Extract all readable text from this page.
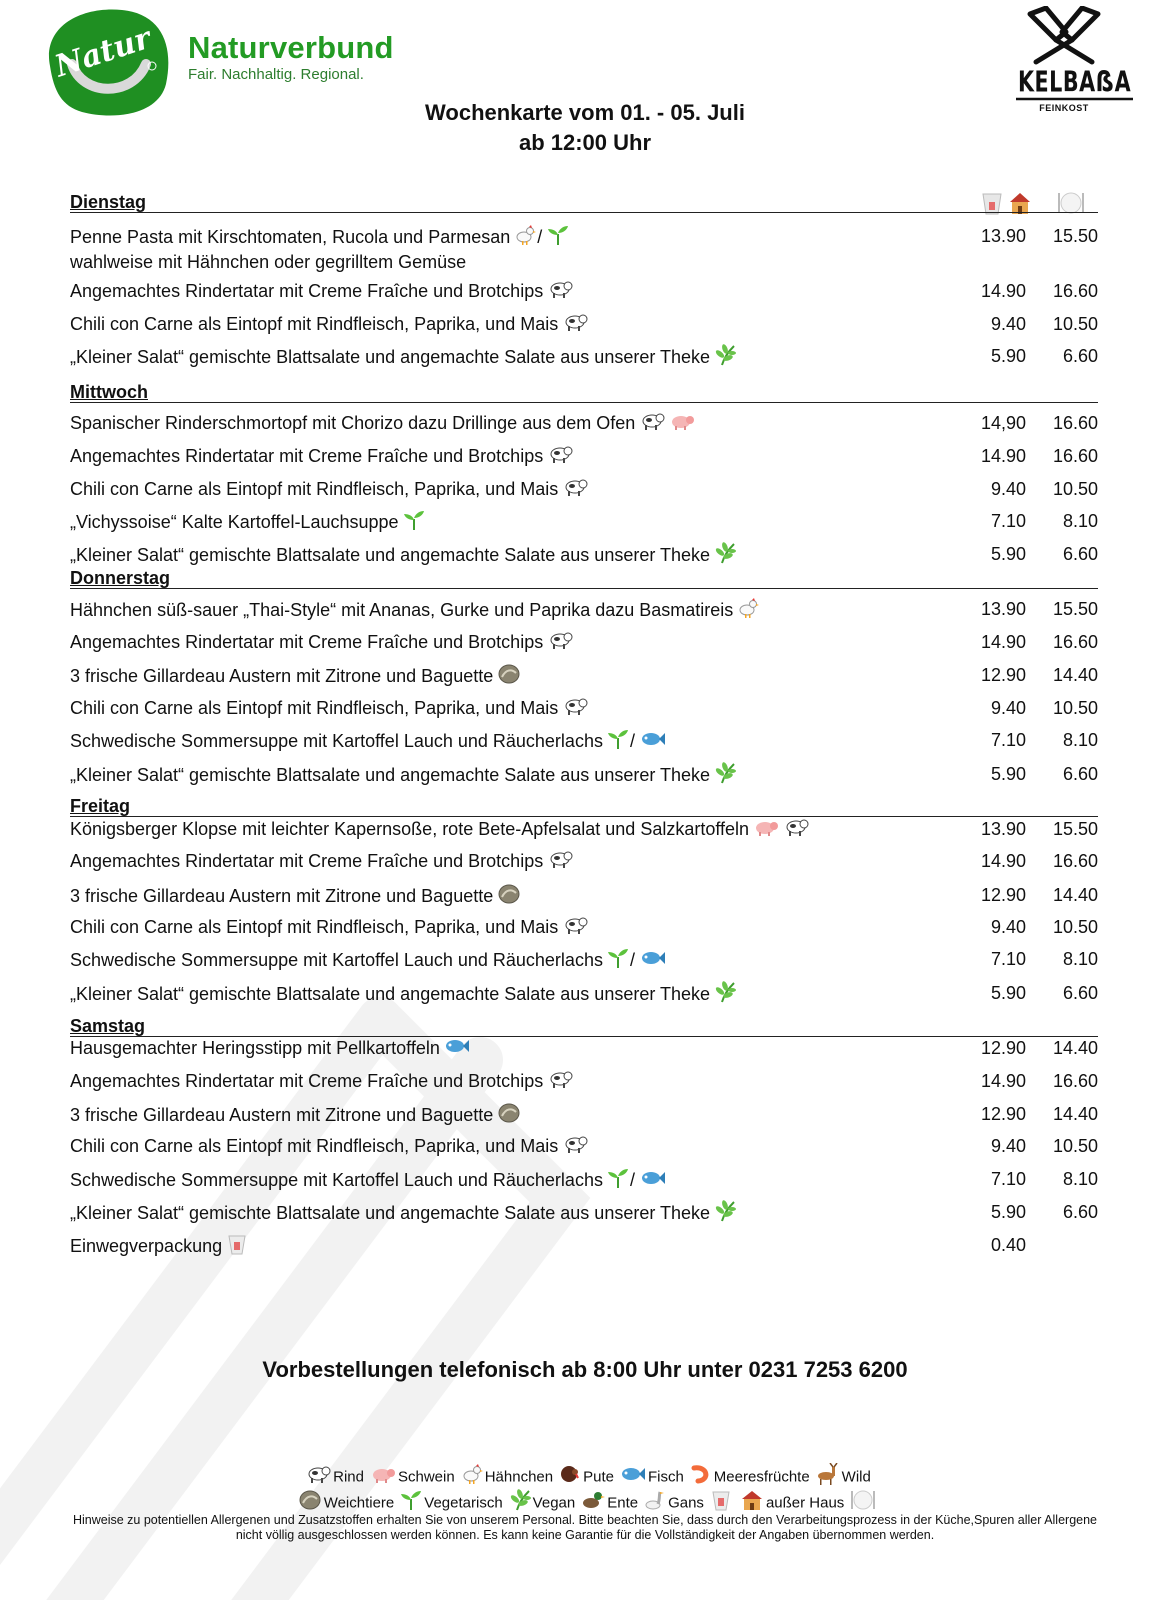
Natur Naturverbund
Fair. Nachhaltig. Regional.	KELBAẞA
FEINKOST
Wochenkarte vom 01. - 05. Juli
ab 12:00 Uhr
Dienstag
Penne Pasta mit Kirschtomaten, Rucola und Parmesan /
wahlweise mit Hähnchen oder gegrilltem Gemüse
13.90 15.50
Angemachtes Rindertatar mit Creme Fraîche und Brotchips	14.90 16.60
Chili con Carne als Eintopf mit Rindfleisch, Paprika, und Mais	9.40 10.50
„Kleiner Salat“ gemischte Blattsalate und angemachte Salate aus unserer Theke	5.90 6.60
Mittwoch
Spanischer Rinderschmortopf mit Chorizo dazu Drillinge aus dem Ofen	14,90 16.60
Angemachtes Rindertatar mit Creme Fraîche und Brotchips	14.90 16.60
Chili con Carne als Eintopf mit Rindfleisch, Paprika, und Mais	9.40 10.50
„Vichyssoise“ Kalte Kartoffel-Lauchsuppe	7.10 8.10
„Kleiner Salat“ gemischte Blattsalate und angemachte Salate aus unserer Theke	5.90 6.60
Donnerstag
Hähnchen süß-sauer „Thai-Style“ mit Ananas, Gurke und Paprika dazu Basmatireis	13.90 15.50
Angemachtes Rindertatar mit Creme Fraîche und Brotchips	14.90 16.60
3 frische Gillardeau Austern mit Zitrone und Baguette	12.90 14.40
Chili con Carne als Eintopf mit Rindfleisch, Paprika, und Mais	9.40 10.50
Schwedische Sommersuppe mit Kartoffel Lauch und Räucherlachs /	7.10 8.10
„Kleiner Salat“ gemischte Blattsalate und angemachte Salate aus unserer Theke	5.90 6.60
Freitag
Königsberger Klopse mit leichter Kapernsoße, rote Bete-Apfelsalat und Salzkartoffeln	13.90 15.50
Angemachtes Rindertatar mit Creme Fraîche und Brotchips	14.90 16.60
3 frische Gillardeau Austern mit Zitrone und Baguette	12.90 14.40
Chili con Carne als Eintopf mit Rindfleisch, Paprika, und Mais	9.40 10.50
Schwedische Sommersuppe mit Kartoffel Lauch und Räucherlachs /	7.10 8.10
„Kleiner Salat“ gemischte Blattsalate und angemachte Salate aus unserer Theke	5.90 6.60
Samstag
Hausgemachter Heringsstipp mit Pellkartoffeln	12.90 14.40
Angemachtes Rindertatar mit Creme Fraîche und Brotchips	14.90 16.60
3 frische Gillardeau Austern mit Zitrone und Baguette	12.90 14.40
Chili con Carne als Eintopf mit Rindfleisch, Paprika, und Mais	9.40 10.50
Schwedische Sommersuppe mit Kartoffel Lauch und Räucherlachs /	7.10 8.10
„Kleiner Salat“ gemischte Blattsalate und angemachte Salate aus unserer Theke	5.90 6.60
Einwegverpackung	0.40
Vorbestellungen telefonisch ab 8:00 Uhr unter 0231 7253 6200
Rind Schwein Hähnchen Pute Fisch Meeresfrüchte Wild
Weichtiere Vegetarisch Vegan Ente Gans	außer Haus
Hinweise zu potentiellen Allergenen und Zusatzstoffen erhalten Sie von unserem Personal. Bitte beachten Sie, dass durch den Verarbeitungsprozess in der Küche,Spuren aller Allergene nicht völlig ausgeschlossen werden können. Es kann keine Garantie für die Vollständigkeit der Angaben übernommen werden.
